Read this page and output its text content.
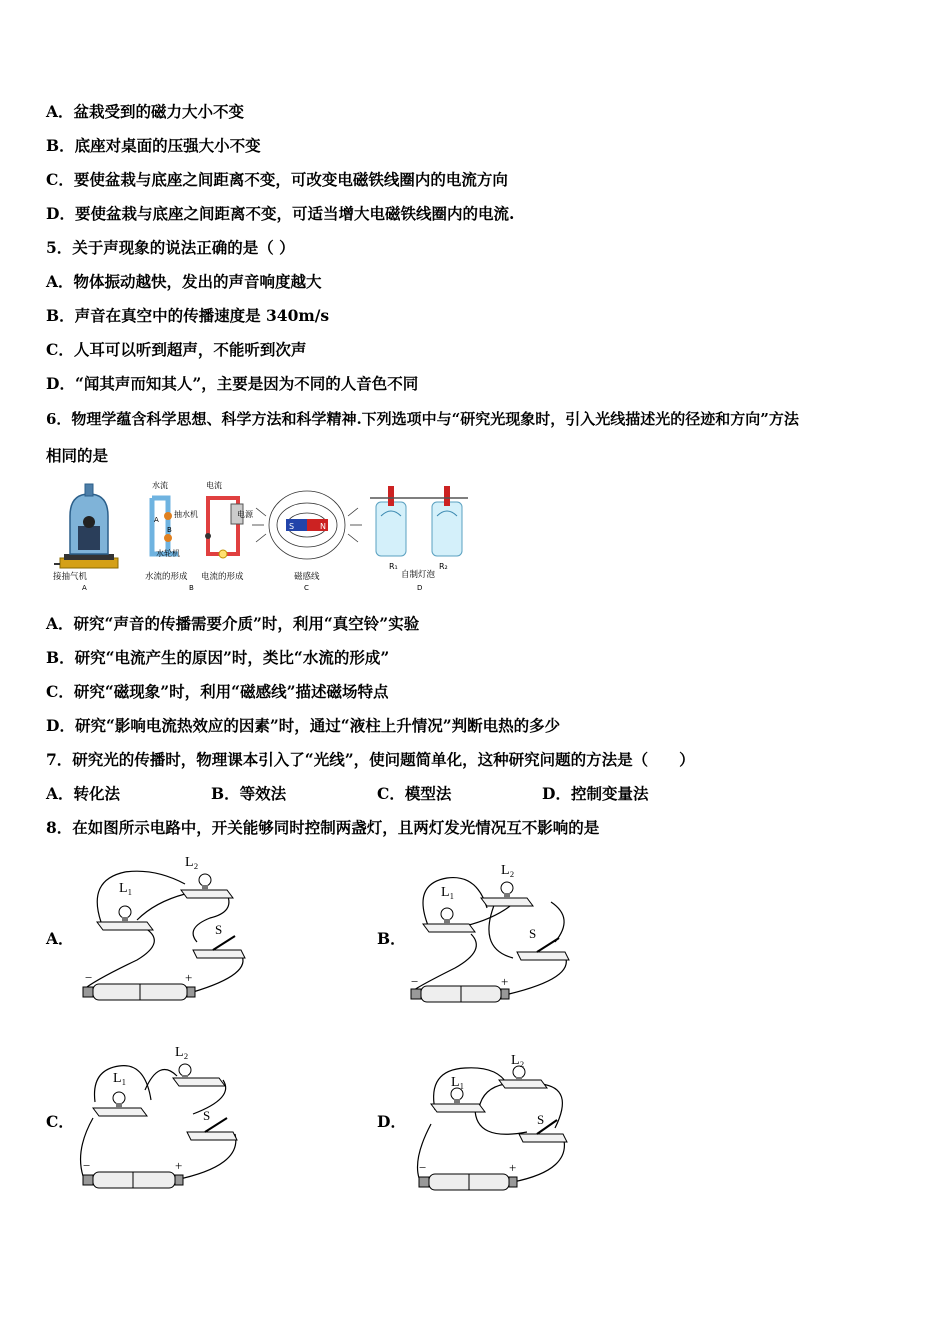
A．盆栽受到的磁力大小不变
B．底座对桌面的压强大小不变
C．要使盆栽与底座之间距离不变，可改变电磁铁线圈内的电流方向
D．要使盆栽与底座之间距离不变，可适当增大电磁铁线圈内的电流.
5．关于声现象的说法正确的是（ ）
A．物体振动越快，发出的声音响度越大
B．声音在真空中的传播速度是 340m/s
C．人耳可以听到超声，不能听到次声
D．“闻其声而知其人”，主要是因为不同的人音色不同
6．物理学蕴含科学思想、科学方法和科学精神.下列选项中与“研究光现象时，引入光线描述光的径迹和方向”方法
相同的是
接抽气机
A
水流	电流
A
B
抽水机	电源
水轮机
水流的形成 电流的形成
B
S	N
磁感线
C
R₁	R₂
自制灯泡
D
A．研究“声音的传播需要介质”时，利用“真空铃”实验
B．研究“电流产生的原因”时，类比“水流的形成”
C．研究“磁现象”时，利用“磁感线”描述磁场特点
D．研究“影响电流热效应的因素”时，通过“液柱上升情况”判断电热的多少
7．研究光的传播时，物理课本引入了“光线”，使问题简单化，这种研究问题的方法是（　　）
A．转化法	B．等效法	C．模型法	D．控制变量法
8．在如图所示电路中，开关能够同时控制两盏灯，且两灯发光情况互不影响的是
A．	B．
C．	D．
L₁
L₂
S
−	+
L₁
L₂
S
−	+
L₁
L₂
S
−	+
L₁
L₂
S
−	+
